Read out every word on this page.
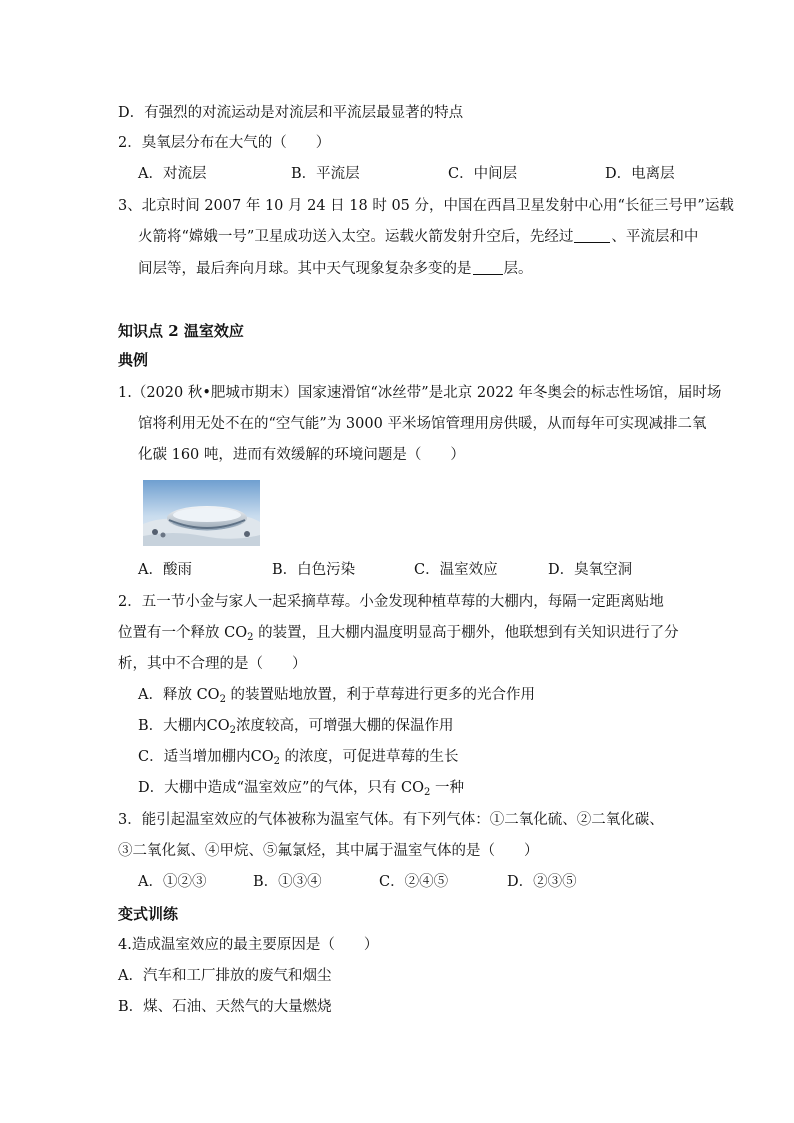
D．有强烈的对流运动是对流层和平流层最显著的特点
2．臭氧层分布在大气的（　　）
A．对流层	B．平流层	C．中间层	D．电离层
3、北京时间 2007 年 10 月 24 日 18 时 05 分，中国在西昌卫星发射中心用“长征三号甲”运载
火箭将“嫦娥一号”卫星成功送入太空。运载火箭发射升空后，先经过	、平流层和中
间层等，最后奔向月球。其中天气现象复杂多变的是 层。
知识点 2 温室效应
典例
1.（2020 秋•肥城市期末）国家速滑馆“冰丝带”是北京 2022 年冬奥会的标志性场馆，届时场
馆将利用无处不在的“空气能”为 3000 平米场馆管理用房供暖，从而每年可实现减排二氧
化碳 160 吨，进而有效缓解的环境问题是（　　）
A．酸雨	B．白色污染	C．温室效应	D．臭氧空洞
2．五一节小金与家人一起采摘草莓。小金发现种植草莓的大棚内，每隔一定距离贴地
位置有一个释放 $CO_2$ 的装置，且大棚内温度明显高于棚外，他联想到有关知识进行了分
析，其中不合理的是（　　）
A．释放 $CO_2$ 的装置贴地放置，利于草莓进行更多的光合作用
B．大棚内$CO_2$浓度较高，可增强大棚的保温作用
C．适当增加棚内$CO_2$ 的浓度，可促进草莓的生长
D．大棚中造成“温室效应”的气体，只有 $CO_2$ 一种
3．能引起温室效应的气体被称为温室气体。有下列气体：①二氧化硫、②二氧化碳、
③二氧化氮、④甲烷、⑤氟氯烃，其中属于温室气体的是（　　）
A．①②③	B．①③④	C．②④⑤	D．②③⑤
变式训练
4.造成温室效应的最主要原因是（　　）
A．汽车和工厂排放的废气和烟尘
B．煤、石油、天然气的大量燃烧
